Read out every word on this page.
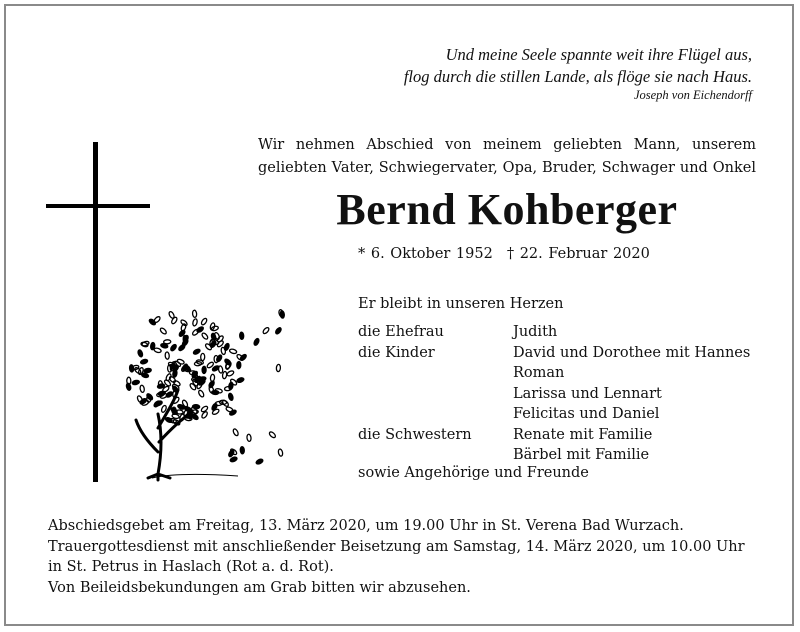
Und meine Seele spannte weit ihre Flügel aus,
flog durch die stillen Lande, als flöge sie nach Haus.
Joseph von Eichendorff
Wir nehmen Abschied von meinem geliebten Mann, unserem
geliebten Vater, Schwiegervater, Opa, Bruder, Schwager und Onkel
Bernd Kohberger
* 6. Oktober 1952 † 22. Februar 2020
Er bleibt in unseren Herzen
die Ehefrau	Judith
die Kinder	David und Dorothee mit Hannes
Roman
Larissa und Lennart
Felicitas und Daniel
die Schwestern	Renate mit Familie
Bärbel mit Familie
sowie Angehörige und Freunde
Abschiedsgebet am Freitag, 13. März 2020, um 19.00 Uhr in St. Verena Bad Wurzach.
Trauergottesdienst mit anschließender Beisetzung am Samstag, 14. März 2020, um 10.00 Uhr
in St. Petrus in Haslach (Rot a. d. Rot).
Von Beileidsbekundungen am Grab bitten wir abzusehen.
